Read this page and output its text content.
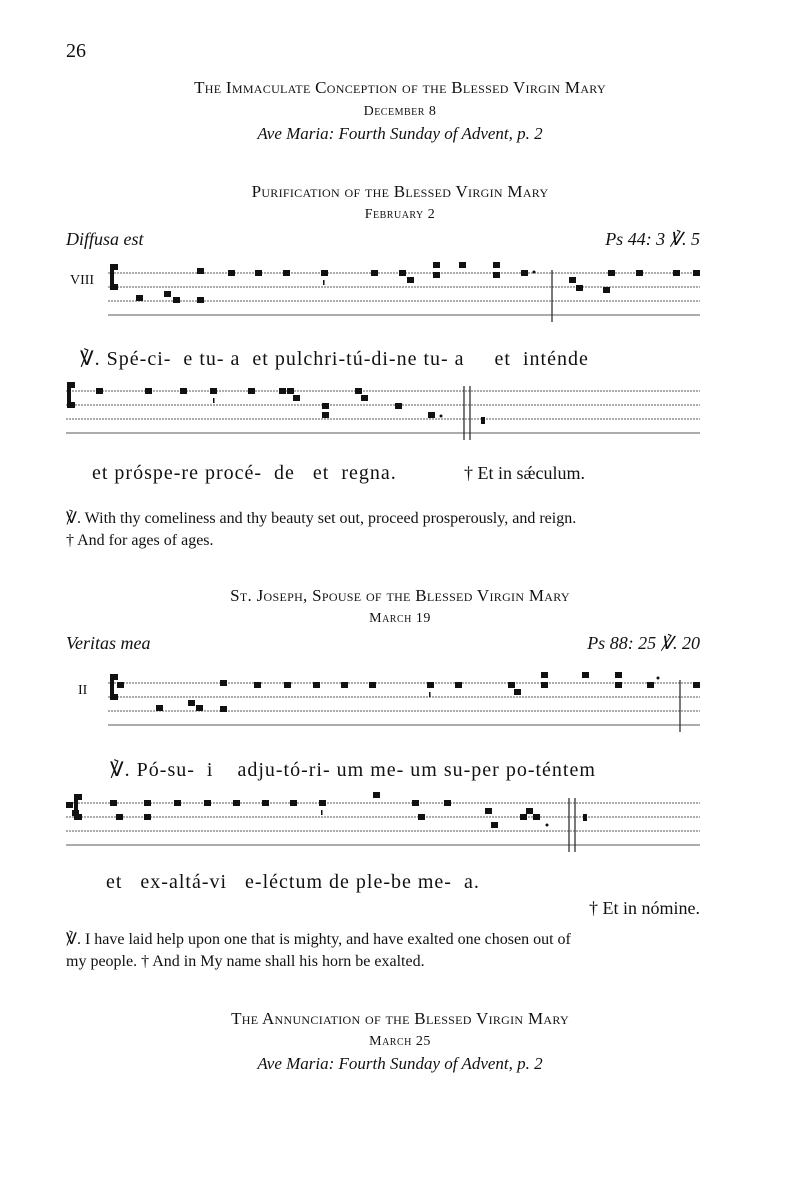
26
The Immaculate Conception of the Blessed Virgin Mary
December 8
Ave Maria: Fourth Sunday of Advent, p. 2
Purification of the Blessed Virgin Mary
February 2
Diffusa est	Ps 44: 3 ℣. 5
VIII
℣. Spé-ci-  e tu- a  et pulchri-tú-di-ne tu- a     et  inténde
et próspe-re procé-  de   et  regna.	† Et in sǽculum.
℣. With thy comeliness and thy beauty set out, proceed prosperously, and reign.
† And for ages of ages.
St. Joseph, Spouse of the Blessed Virgin Mary
March 19
Veritas mea	Ps 88: 25 ℣. 20
II
℣. Pó-su-  i    adju-tó-ri- um me- um su-per po-téntem
et   ex-altá-vi   e-léctum de ple-be me-  a.
† Et in nómine.
℣. I have laid help upon one that is mighty, and have exalted one chosen out of
my people. † And in My name shall his horn be exalted.
The Annunciation of the Blessed Virgin Mary
March 25
Ave Maria: Fourth Sunday of Advent, p. 2
